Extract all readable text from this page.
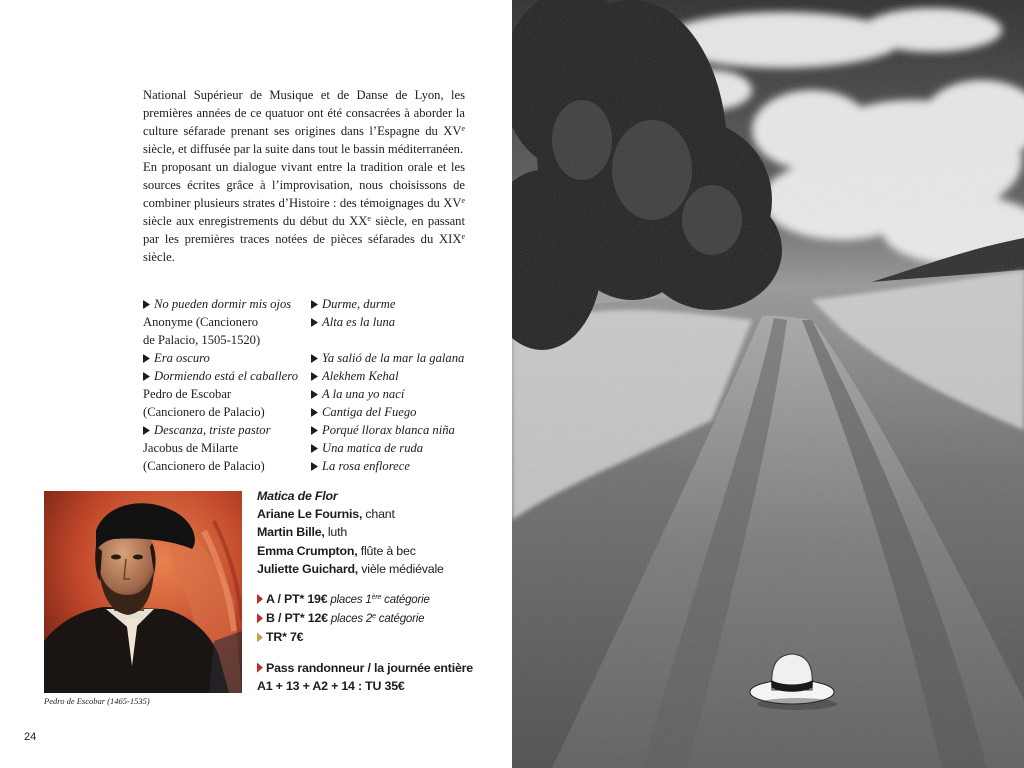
National Supérieur de Musique et de Danse de Lyon, les premières années de ce quatuor ont été consacrées à aborder la culture séfarade prenant ses origines dans l’Espagne du XVe siècle, et diffusée par la suite dans tout le bassin méditerranéen.

En proposant un dialogue vivant entre la tradition orale et les sources écrites grâce à l’improvisation, nous choisissons de combiner plusieurs strates d’Histoire : des témoignages du XVe siècle aux enregistrements du début du XXe siècle, en passant par les premières traces notées de pièces séfarades du XIXe siècle.

No pueden dormir mis ojos
Anonyme (Cancionero
de Palacio, 1505-1520)
Era oscuro
Dormiendo está el caballero
Pedro de Escobar
(Cancionero de Palacio)
Descanza, triste pastor
Jacobus de Milarte
(Cancionero de Palacio)
Durme, durme
Alta es la luna
Ya salió de la mar la galana
Alekhem Kehal
A la una yo nací
Cantiga del Fuego
Porqué llorax blanca niña
Una matica de ruda
La rosa enflorece
Pedro de Escobar (1465-1535)
Matica de Flor
Ariane Le Fournis, chant
Martin Bille, luth
Emma Crumpton, flûte à bec
Juliette Guichard, vièle médiévale
A / PT* 19€ places 1ère catégorie
B / PT* 12€ places 2e catégorie
TR* 7€
Pass randonneur / la journée entière
A1 + 13 + A2 + 14 : TU 35€
24
